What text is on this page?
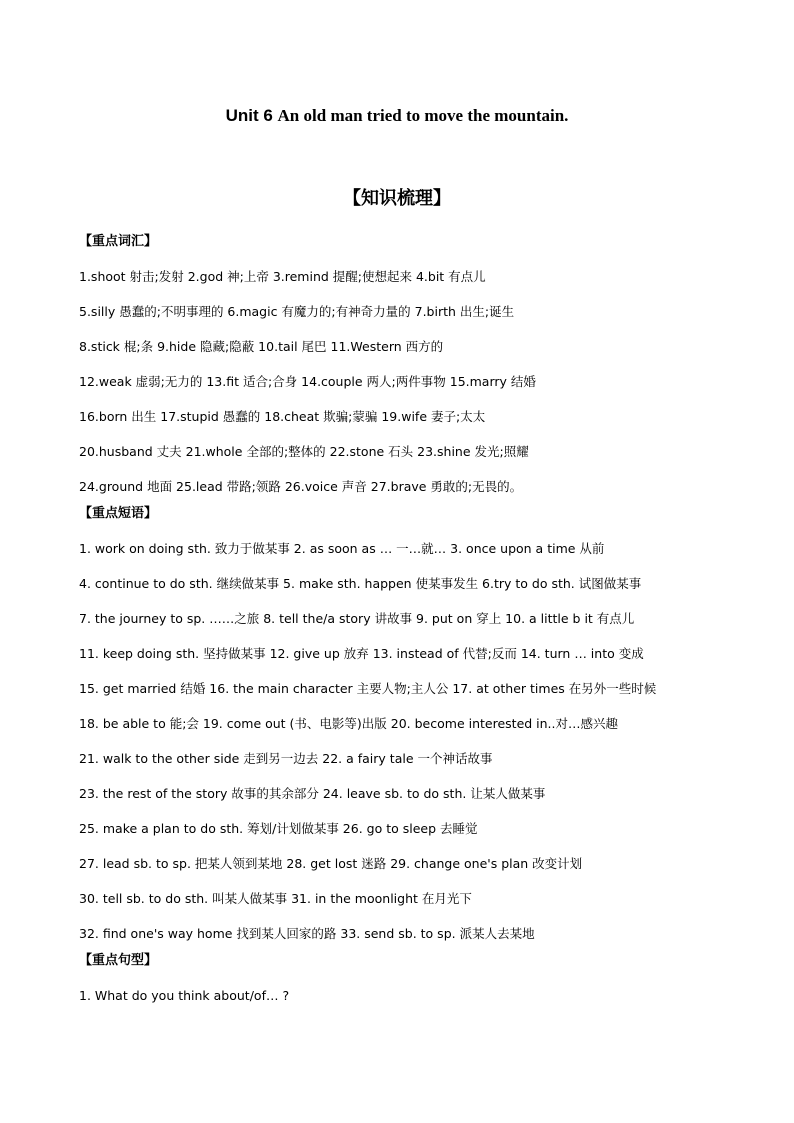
Unit 6 An old man tried to move the mountain.
【知识梳理】
【重点词汇】
1.shoot 射击;发射 2.god 神;上帝 3.remind 提醒;使想起来 4.bit 有点儿
5.silly 愚蠢的;不明事理的 6.magic 有魔力的;有神奇力量的 7.birth 出生;诞生
8.stick 棍;条 9.hide 隐藏;隐蔽 10.tail 尾巴 11.Western 西方的
12.weak 虚弱;无力的 13.fit 适合;合身 14.couple 两人;两件事物 15.marry 结婚
16.born 出生 17.stupid 愚蠢的 18.cheat 欺骗;蒙骗 19.wife 妻子;太太
20.husband 丈夫 21.whole 全部的;整体的 22.stone 石头 23.shine 发光;照耀
24.ground 地面 25.lead 带路;领路 26.voice 声音 27.brave 勇敢的;无畏的。
【重点短语】
1. work on doing sth. 致力于做某事 2. as soon as … 一…就… 3. once upon a time 从前
4. continue to do sth. 继续做某事 5. make sth. happen 使某事发生 6.try to do sth. 试图做某事
7. the journey to sp. ……之旅 8. tell the/a story 讲故事 9. put on 穿上 10. a little b it 有点儿
11. keep doing sth. 坚持做某事 12. give up 放弃 13. instead of 代替;反而 14. turn … into 变成
15. get married 结婚 16. the main character 主要人物;主人公 17. at other times 在另外一些时候
18. be able to 能;会 19. come out (书、电影等)出版 20. become interested in..对…感兴趣
21. walk to the other side 走到另一边去 22. a fairy tale 一个神话故事
23. the rest of the story 故事的其余部分 24. leave sb. to do sth. 让某人做某事
25. make a plan to do sth. 筹划/计划做某事 26. go to sleep 去睡觉
27. lead sb. to sp. 把某人领到某地 28. get lost 迷路 29. change one's plan 改变计划
30. tell sb. to do sth. 叫某人做某事 31. in the moonlight 在月光下
32. find one's way home 找到某人回家的路 33. send sb. to sp. 派某人去某地
【重点句型】
1. What do you think about/of… ?
